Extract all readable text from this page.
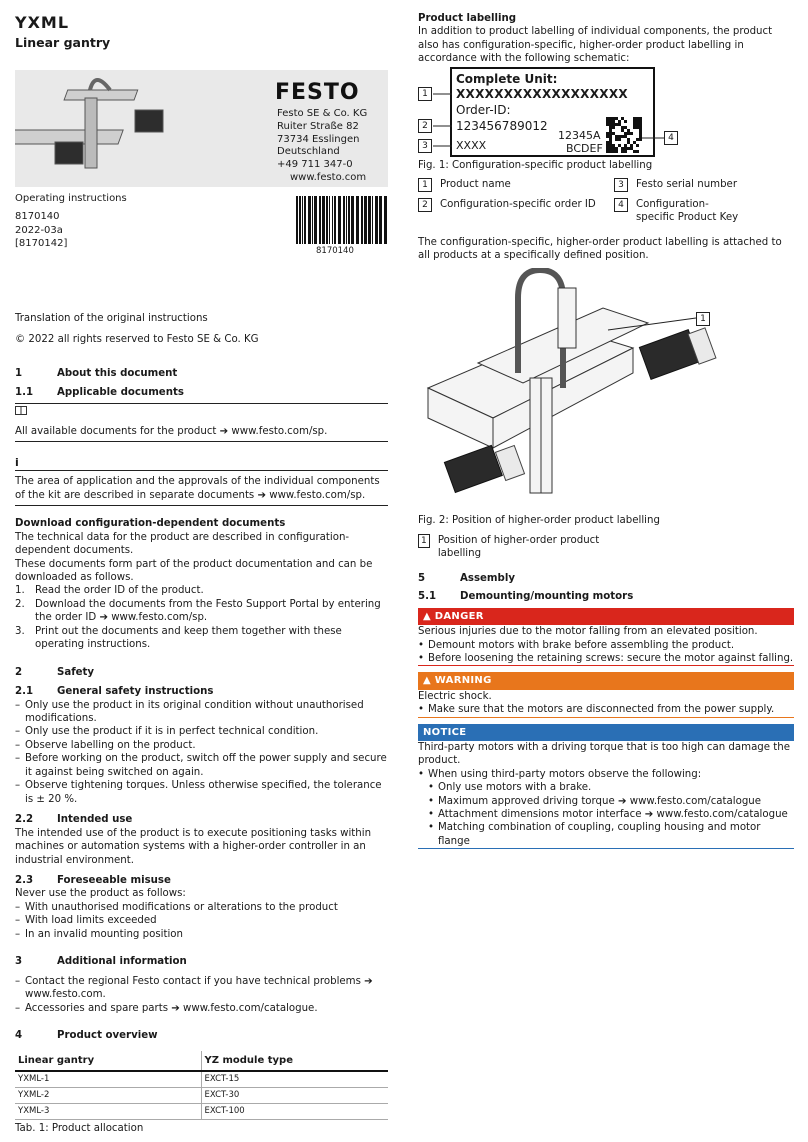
YXML
Linear gantry
FESTO
Festo SE & Co. KG
Ruiter Straße 82
73734 Esslingen
Deutschland
+49 711 347-0
www.festo.com
8170140
Operating instructions
8170140
2022-03a
[8170142]
Translation of the original instructions
© 2022 all rights reserved to Festo SE & Co. KG
1	About this document
1.1	Applicable documents
All available documents for the product ➔ www.festo.com/sp.
i
The area of application and the approvals of the individual components of the kit are described in separate documents ➔ www.festo.com/sp.
Download configuration-dependent documents
The technical data for the product are described in configuration-dependent documents.
These documents form part of the product documentation and can be downloaded as follows.
1. Read the order ID of the product.
2. Download the documents from the Festo Support Portal by entering the order ID ➔ www.festo.com/sp.
3. Print out the documents and keep them together with these operating instructions.
2	Safety
2.1	General safety instructions
– Only use the product in its original condition without unauthorised modifications.
– Only use the product if it is in perfect technical condition.
– Observe labelling on the product.
– Before working on the product, switch off the power supply and secure it against being switched on again.
– Observe tightening torques. Unless otherwise specified, the tolerance is ± 20 %.
2.2	Intended use
The intended use of the product is to execute positioning tasks within machines or automation systems with a higher-order controller in an industrial environment.
2.3	Foreseeable misuse
Never use the product as follows:
– With unauthorised modifications or alterations to the product
– With load limits exceeded
– In an invalid mounting position
3	Additional information
– Contact the regional Festo contact if you have technical problems ➔ www.festo.com.
– Accessories and spare parts ➔ www.festo.com/catalogue.
4	Product overview
Linear gantry	YZ module type
YXML-1	EXCT-15
YXML-2	EXCT-30
YXML-3	EXCT-100
Tab. 1: Product allocation
Product labelling
In addition to product labelling of individual components, the product also has configuration-specific, higher-order product labelling in accordance with the following schematic:
Complete Unit:
XXXXXXXXXXXXXXXXXX
Order-ID:
123456789012
XXXX
12345A
BCDEF
1
2
3
4
Fig. 1: Configuration-specific product labelling
1	Product name	3	Festo serial number
2	Configuration-specific order ID	4	Configuration-specific Product Key
The configuration-specific, higher-order product labelling is attached to all products at a specifically defined position.
1
Fig. 2: Position of higher-order product labelling
1 Position of higher-order product labelling
5	Assembly
5.1	Demounting/mounting motors
▲ DANGER
Serious injuries due to the motor falling from an elevated position.
• Demount motors with brake before assembling the product.
• Before loosening the retaining screws: secure the motor against falling.
▲ WARNING
Electric shock.
• Make sure that the motors are disconnected from the power supply.
NOTICE
Third-party motors with a driving torque that is too high can damage the product.
• When using third-party motors observe the following:
• Only use motors with a brake.
• Maximum approved driving torque ➔ www.festo.com/catalogue
• Attachment dimensions motor interface ➔ www.festo.com/catalogue
• Matching combination of coupling, coupling housing and motor flange
